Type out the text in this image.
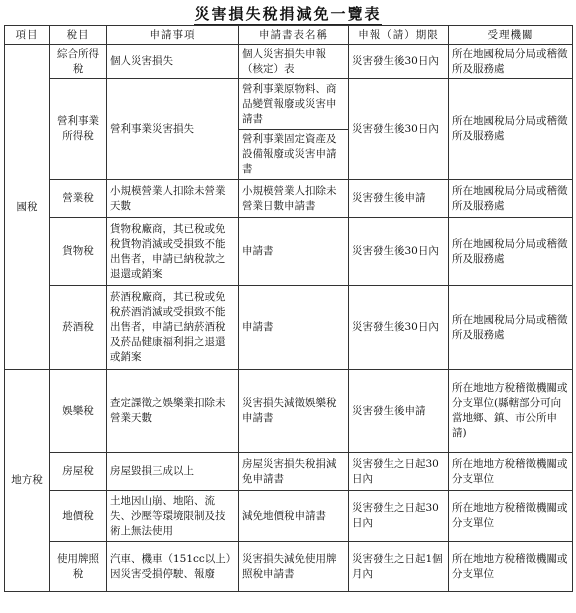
災害損失稅捐減免一覽表
項目	稅目	申請事項	申請書表名稱	申報（請）期限	受理機關
國稅	綜合所得稅	個人災害損失	個人災害損失申報（核定）表	災害發生後30日內	所在地國稅局分局或稽徵所及服務處
	營利事業所得稅	營利事業災害損失	營利事業原物料、商品變質報廢或災害申請書	災害發生後30日內	所在地國稅局分局或稽徵所及服務處
			營利事業固定資產及設備報廢或災害申請書		
	營業稅	小規模營業人扣除未營業天數	小規模營業人扣除未營業日數申請書	災害發生後申請	所在地國稅局分局或稽徵所及服務處
	貨物稅	貨物稅廠商，其已稅或免稅貨物消滅或受損致不能出售者，申請已納稅款之退還或銷案	申請書	災害發生後30日內	所在地國稅局分局或稽徵所及服務處
	菸酒稅	菸酒稅廠商，其已稅或免稅菸酒消滅或受損致不能出售者，申請已納菸酒稅及菸品健康福利捐之退還或銷案	申請書	災害發生後30日內	所在地國稅局分局或稽徵所及服務處
地方稅	娛樂稅	查定課徵之娛樂業扣除未營業天數	災害損失減徵娛樂稅申請書	災害發生後申請	所在地地方稅稽徵機關或分支單位(縣轄部分可向當地鄉、鎮、市公所申請)
	房屋稅	房屋毀損三成以上	房屋災害損失稅捐減免申請書	災害發生之日起30日內	所在地地方稅稽徵機關或分支單位
	地價稅	土地因山崩、地陷、流失、沙壓等環境限制及技術上無法使用	減免地價稅申請書	災害發生之日起30日內	所在地地方稅稽徵機關或分支單位
	使用牌照稅	汽車、機車（151cc以上）因災害受損停駛、報廢	災害損失減免使用牌照稅申請書	災害發生之日起1個月內	所在地地方稅稽徵機關或分支單位
